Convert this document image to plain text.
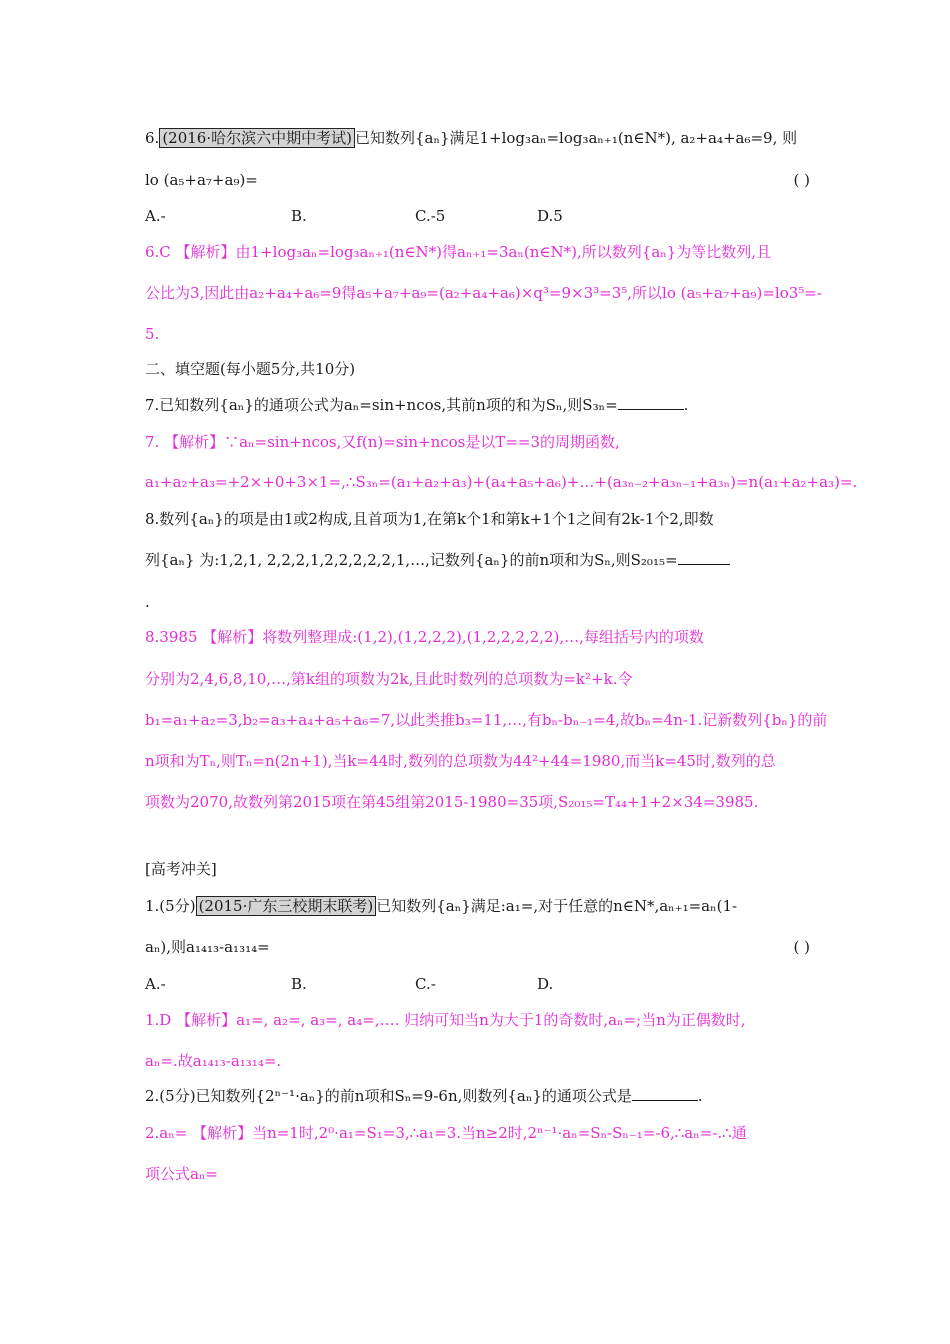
6. (2016·哈尔滨六中期中考试) 已知数列{aₙ}满足1+log₃aₙ=log₃aₙ₊₁(n∈N*), a₂+a₄+a₆=9, 则
lo (a₅+a₇+a₉)=	( )
A.-	B.	C.-5	D.5
6.C 【解析】由1+log₃aₙ=log₃aₙ₊₁(n∈N*)得aₙ₊₁=3aₙ(n∈N*),所以数列{aₙ}为等比数列,且
公比为3,因此由a₂+a₄+a₆=9得a₅+a₇+a₉=(a₂+a₄+a₆)×q³=9×3³=3⁵,所以lo (a₅+a₇+a₉)=lo3⁵=-
5.
二、填空题(每小题5分,共10分)
7.已知数列{aₙ}的通项公式为aₙ=sin+ncos,其前n项的和为Sₙ,则S₃ₙ=	.
7. 【解析】∵aₙ=sin+ncos,又f(n)=sin+ncos是以T==3的周期函数,
a₁+a₂+a₃=+2×+0+3×1=,∴S₃ₙ=(a₁+a₂+a₃)+(a₄+a₅+a₆)+…+(a₃ₙ₋₂+a₃ₙ₋₁+a₃ₙ)=n(a₁+a₂+a₃)=.
8.数列{aₙ}的项是由1或2构成,且首项为1,在第k个1和第k+1个1之间有2k-1个2,即数
列{aₙ} 为:1,2,1, 2,2,2,1,2,2,2,2,2,1,…,记数列{aₙ}的前n项和为Sₙ,则S₂₀₁₅=
.
8.3985 【解析】将数列整理成:(1,2),(1,2,2,2),(1,2,2,2,2,2),…,每组括号内的项数
分别为2,4,6,8,10,…,第k组的项数为2k,且此时数列的总项数为=k²+k.令
b₁=a₁+a₂=3,b₂=a₃+a₄+a₅+a₆=7,以此类推b₃=11,…,有bₙ-bₙ₋₁=4,故bₙ=4n-1.记新数列{bₙ}的前
n项和为Tₙ,则Tₙ=n(2n+1),当k=44时,数列的总项数为44²+44=1980,而当k=45时,数列的总
项数为2070,故数列第2015项在第45组第2015-1980=35项,S₂₀₁₅=T₄₄+1+2×34=3985.
[高考冲关]
1.(5分) (2015·广东三校期末联考) 已知数列{aₙ}满足:a₁=,对于任意的n∈N*,aₙ₊₁=aₙ(1-
aₙ),则a₁₄₁₃-a₁₃₁₄=	( )
A.-	B.	C.-	D.
1.D 【解析】a₁=, a₂=, a₃=, a₄=,…. 归纳可知当n为大于1的奇数时,aₙ=;当n为正偶数时,
aₙ=.故a₁₄₁₃-a₁₃₁₄=.
2.(5分)已知数列{2ⁿ⁻¹·aₙ}的前n项和Sₙ=9-6n,则数列{aₙ}的通项公式是	.
2.aₙ= 【解析】当n=1时,2⁰·a₁=S₁=3,∴a₁=3.当n≥2时,2ⁿ⁻¹·aₙ=Sₙ-Sₙ₋₁=-6,∴aₙ=-.∴通
项公式aₙ=
